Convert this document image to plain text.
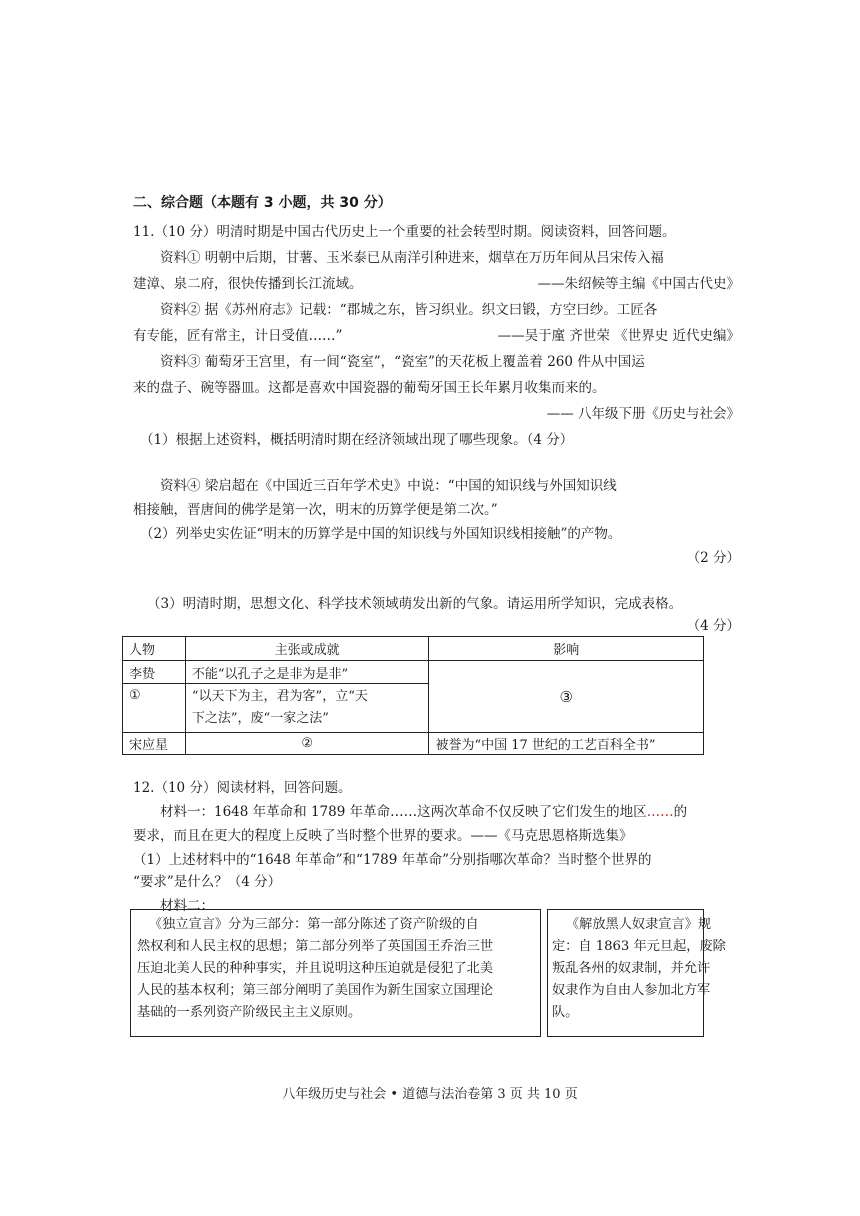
二、综合题（本题有 3 小题，共 30 分）
11.（10 分）明清时期是中国古代历史上一个重要的社会转型时期。阅读资料，回答问题。
资料① 明朝中后期，甘薯、玉米泰已从南洋引种进来，烟草在万历年间从吕宋传入福
建漳、泉二府，很快传播到长江流域。	——朱绍候等主编《中国古代史》
资料② 据《苏州府志》记载：“郡城之东，皆习织业。织文曰锻，方空曰纱。工匠各
有专能，匠有常主，计日受值……”	——吴于廑 齐世荣 《世界史 近代史编》
资料③ 葡萄牙王宫里，有一间“瓷室”，“瓷室”的天花板上覆盖着 260 件从中国运
来的盘子、碗等器皿。这都是喜欢中国瓷器的葡萄牙国王长年累月收集而来的。
—— 八年级下册《历史与社会》
（1）根据上述资料，概括明清时期在经济领域出现了哪些现象。（4 分）
资料④ 梁启超在《中国近三百年学术史》中说：“中国的知识线与外国知识线
相接触，晋唐间的佛学是第一次，明末的历算学便是第二次。”
（2）列举史实佐证“明末的历算学是中国的知识线与外国知识线相接触”的产物。
（2 分）
（3）明清时期，思想文化、科学技术领域萌发出新的气象。请运用所学知识，完成表格。
（4 分）
人物	主张或成就	影响
李贽	不能“以孔子之是非为是非”	③
①	“以天下为主，君为客”，立“天
下之法”，废“一家之法”	

宋应星	②	被誉为“中国 17 世纪的工艺百科全书”
12.（10 分）阅读材料，回答问题。
材料一：1648 年革命和 1789 年革命……这两次革命不仅反映了它们发生的地区……的
要求，而且在更大的程度上反映了当时整个世界的要求。——《马克思恩格斯选集》
（1）上述材料中的“1648 年革命”和“1789 年革命”分别指哪次革命？当时整个世界的
“要求”是什么？（4 分）
材料二：
《独立宣言》分为三部分：第一部分陈述了资产阶级的自
然权利和人民主权的思想；第二部分列举了英国国王乔治三世
压迫北美人民的种种事实，并且说明这种压迫就是侵犯了北美
人民的基本权利；第三部分阐明了美国作为新生国家立国理论
基础的一系列资产阶级民主主义原则。
《解放黑人奴隶宣言》规
定：自 1863 年元旦起，废除
叛乱各州的奴隶制，并允许
奴隶作为自由人参加北方军
队。
八年级历史与社会 • 道德与法治卷第 3 页 共 10 页
